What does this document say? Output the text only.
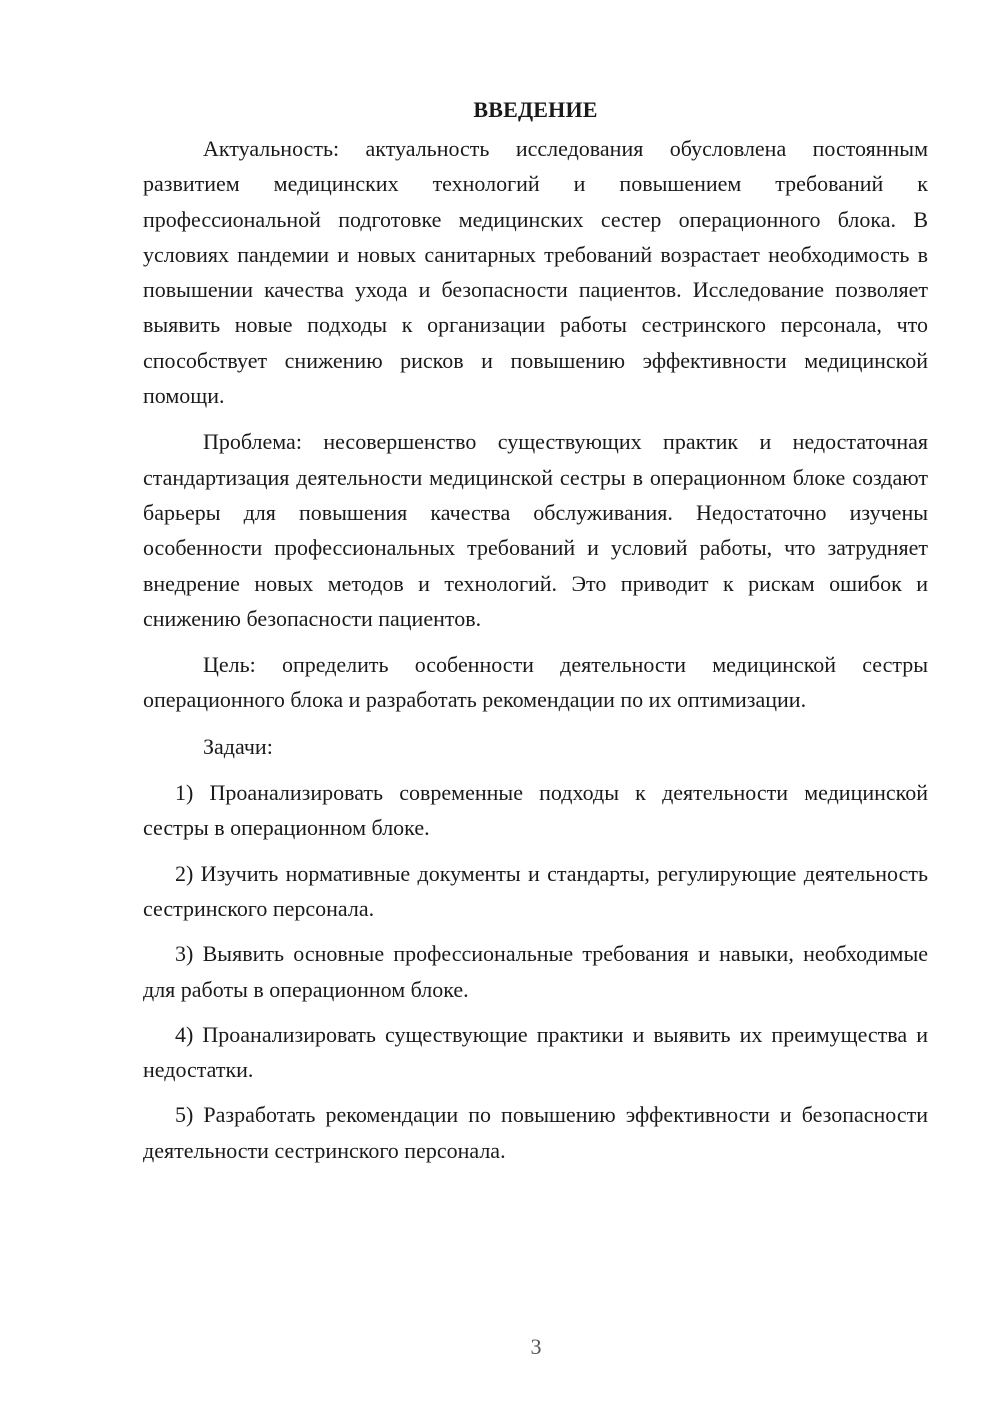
ВВЕДЕНИЕ

Актуальность: актуальность исследования обусловлена постоянным развитием медицинских технологий и повышением требований к профессиональной подготовке медицинских сестер операционного блока. В условиях пандемии и новых санитарных требований возрастает необходимость в повышении качества ухода и безопасности пациентов. Исследование позволяет выявить новые подходы к организации работы сестринского персонала, что способствует снижению рисков и повышению эффективности медицинской помощи.

Проблема: несовершенство существующих практик и недостаточная стандартизация деятельности медицинской сестры в операционном блоке создают барьеры для повышения качества обслуживания. Недостаточно изучены особенности профессиональных требований и условий работы, что затрудняет внедрение новых методов и технологий. Это приводит к рискам ошибок и снижению безопасности пациентов.

Цель: определить особенности деятельности медицинской сестры операционного блока и разработать рекомендации по их оптимизации.

Задачи:

1) Проанализировать современные подходы к деятельности медицинской сестры в операционном блоке.

2) Изучить нормативные документы и стандарты, регулирующие деятельность сестринского персонала.

3) Выявить основные профессиональные требования и навыки, необходимые для работы в операционном блоке.

4) Проанализировать существующие практики и выявить их преимущества и недостатки.

5) Разработать рекомендации по повышению эффективности и безопасности деятельности сестринского персонала.

3
